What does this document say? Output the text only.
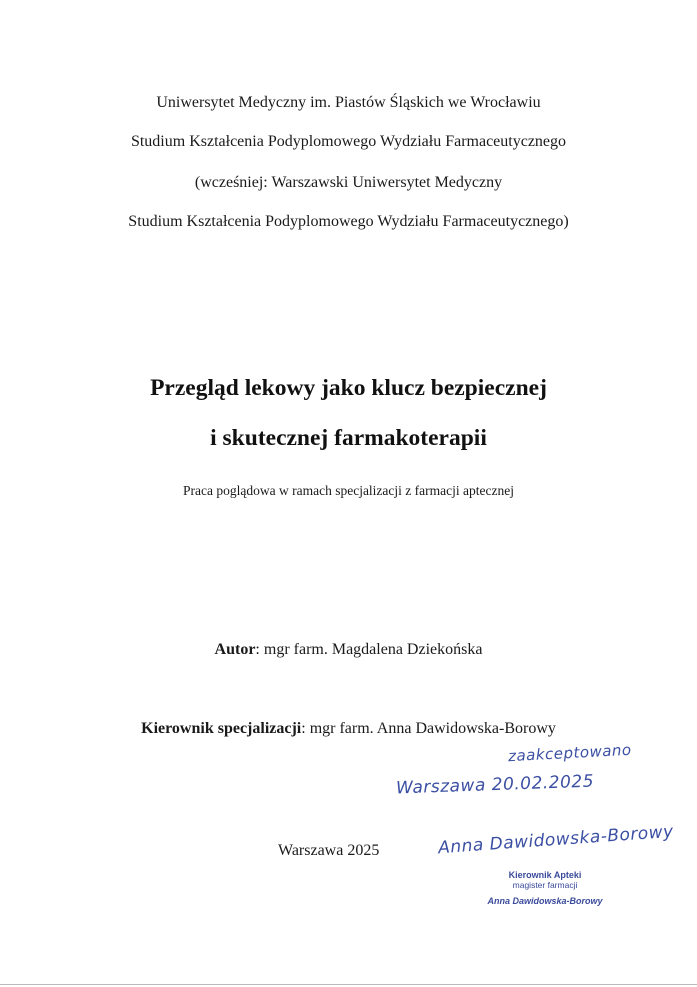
Uniwersytet Medyczny im. Piastów Śląskich we Wrocławiu
Studium Kształcenia Podyplomowego Wydziału Farmaceutycznego
(wcześniej: Warszawski Uniwersytet Medyczny
Studium Kształcenia Podyplomowego Wydziału Farmaceutycznego)
Przegląd lekowy jako klucz bezpiecznej
i skutecznej farmakoterapii
Praca poglądowa w ramach specjalizacji z farmacji aptecznej
Autor: mgr farm. Magdalena Dziekońska
Kierownik specjalizacji: mgr farm. Anna Dawidowska-Borowy
Warszawa 2025
zaakceptowano
Warszawa 20.02.2025
Anna Dawidowska-Borowy
Kierownik Apteki
magister farmacji
Anna Dawidowska-Borowy
